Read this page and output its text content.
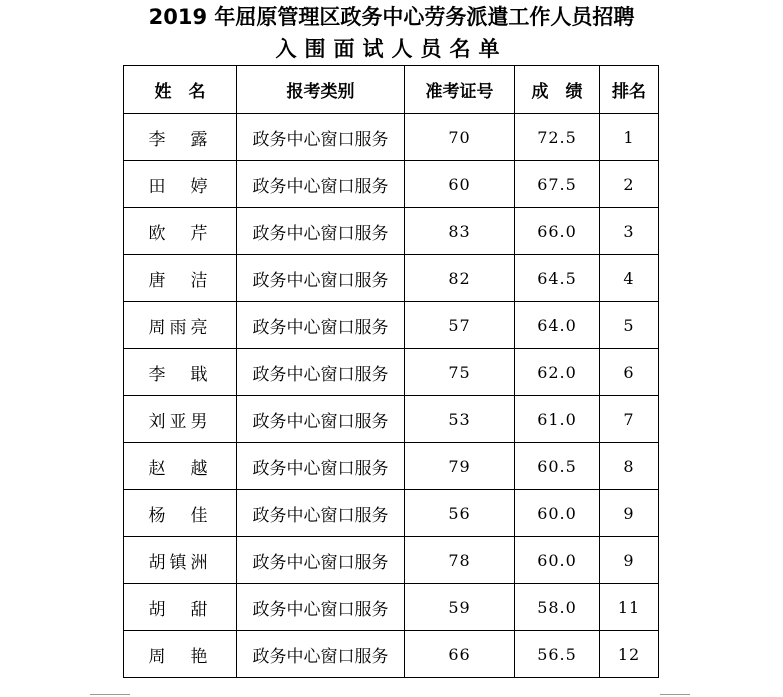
2019 年屈原管理区政务中心劳务派遣工作人员招聘
入围面试人员名单
姓　名	报考类别	准考证号	成　绩	排名
李　露	政务中心窗口服务	70	72.5	1
田　婷	政务中心窗口服务	60	67.5	2
欧　芹	政务中心窗口服务	83	66.0	3
唐　洁	政务中心窗口服务	82	64.5	4
周雨亮	政务中心窗口服务	57	64.0	5
李　戢	政务中心窗口服务	75	62.0	6
刘亚男	政务中心窗口服务	53	61.0	7
赵　越	政务中心窗口服务	79	60.5	8
杨　佳	政务中心窗口服务	56	60.0	9
胡镇洲	政务中心窗口服务	78	60.0	9
胡　甜	政务中心窗口服务	59	58.0	11
周　艳	政务中心窗口服务	66	56.5	12
